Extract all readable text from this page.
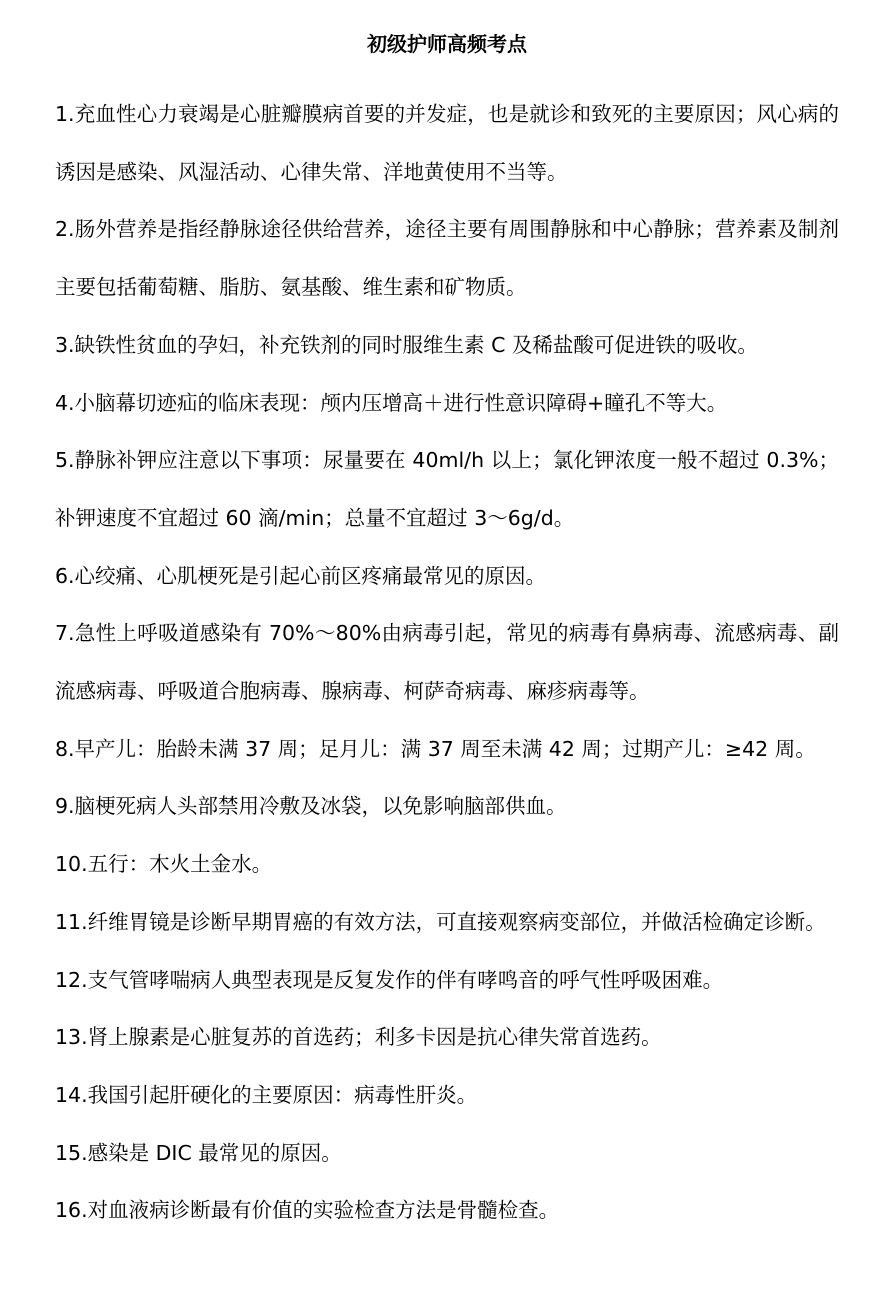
初级护师高频考点
1.充血性心力衰竭是心脏瓣膜病首要的并发症，也是就诊和致死的主要原因；风心病的诱因是感染、风湿活动、心律失常、洋地黄使用不当等。
2.肠外营养是指经静脉途径供给营养，途径主要有周围静脉和中心静脉；营养素及制剂主要包括葡萄糖、脂肪、氨基酸、维生素和矿物质。
3.缺铁性贫血的孕妇，补充铁剂的同时服维生素 C 及稀盐酸可促进铁的吸收。
4.小脑幕切迹疝的临床表现：颅内压增高＋进行性意识障碍+瞳孔不等大。
5.静脉补钾应注意以下事项：尿量要在 40ml/h 以上；氯化钾浓度一般不超过 0.3%；补钾速度不宜超过 60 滴/min；总量不宜超过 3～6g/d。
6.心绞痛、心肌梗死是引起心前区疼痛最常见的原因。
7.急性上呼吸道感染有 70%～80%由病毒引起，常见的病毒有鼻病毒、流感病毒、副流感病毒、呼吸道合胞病毒、腺病毒、柯萨奇病毒、麻疹病毒等。
8.早产儿：胎龄未满 37 周；足月儿：满 37 周至未满 42 周；过期产儿：≥42 周。
9.脑梗死病人头部禁用冷敷及冰袋，以免影响脑部供血。
10.五行：木火土金水。
11.纤维胃镜是诊断早期胃癌的有效方法，可直接观察病变部位，并做活检确定诊断。
12.支气管哮喘病人典型表现是反复发作的伴有哮鸣音的呼气性呼吸困难。
13.肾上腺素是心脏复苏的首选药；利多卡因是抗心律失常首选药。
14.我国引起肝硬化的主要原因：病毒性肝炎。
15.感染是 DIC 最常见的原因。
16.对血液病诊断最有价值的实验检查方法是骨髓检查。
